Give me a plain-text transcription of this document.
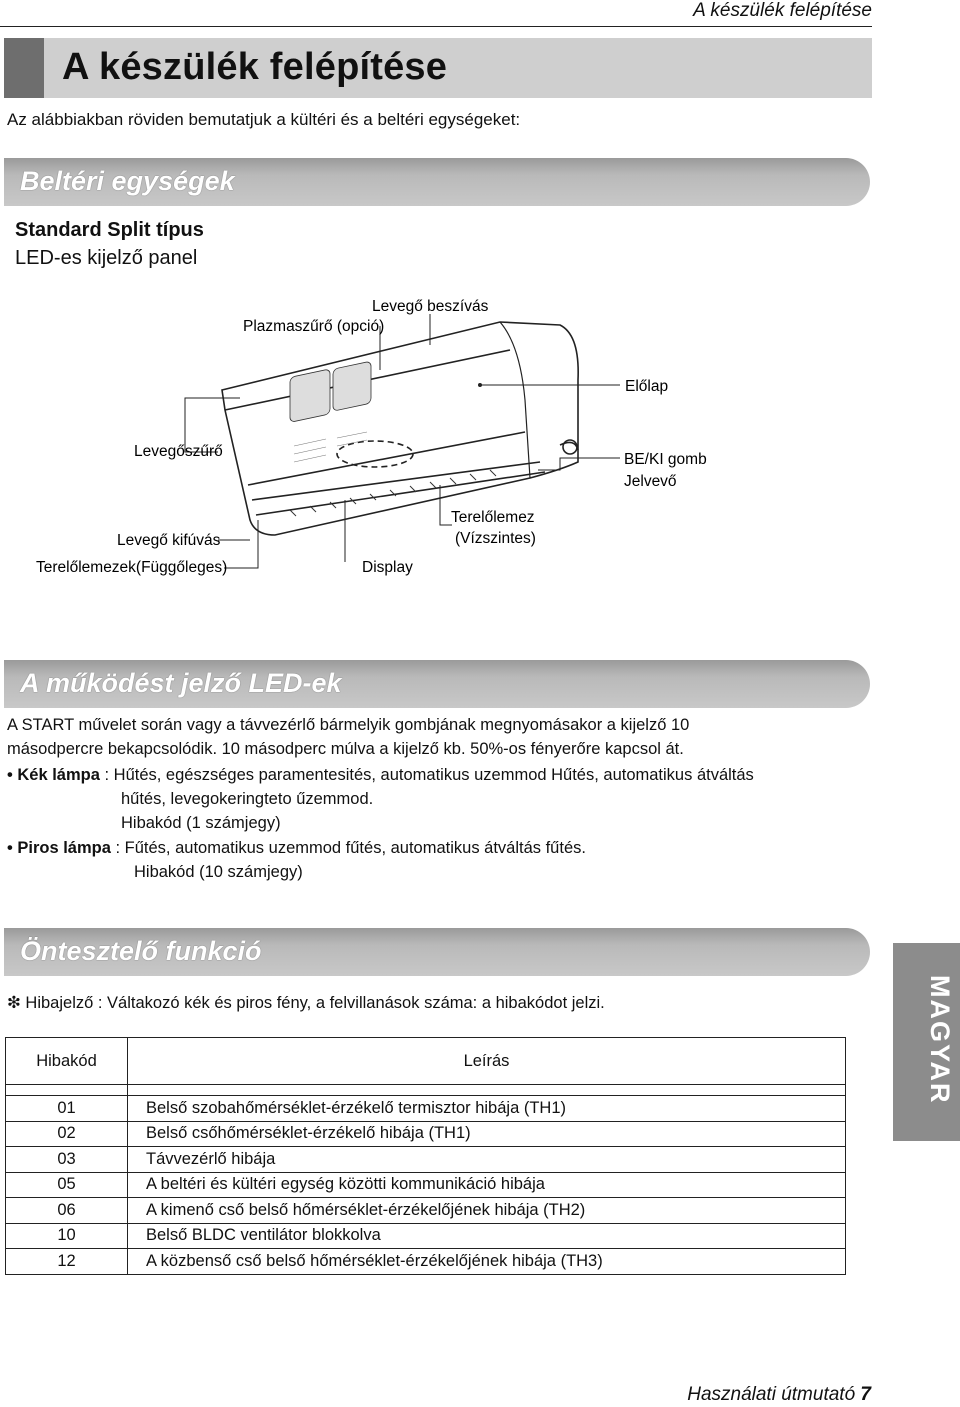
A készülék felépítése
A készülék felépítése
Az alábbiakban röviden bemutatjuk a kültéri és a beltéri egységeket:
Beltéri egységek
Standard Split típus
LED-es kijelző panel
Plazmaszűrő (opció)
Levegő beszívás
Előlap
Levegőszűrő	BE/KI gomb
Jelvevő
Levegő kifúvás
Terelőlemezek(Függőleges)	Display
Terelőlemez
(Vízszintes)
A működést jelző LED-ek
A START művelet során vagy a távvezérlő bármelyik gombjának megnyomásakor a kijelző 10
másodpercre bekapcsolódik. 10 másodperc múlva a kijelző kb. 50%-os fényerőre kapcsol át.
• Kék lámpa : Hűtés, egészséges paramentesités, automatikus uzemmod Hűtés, automatikus átváltás
hűtés, levegokeringteto űzemmod.
Hibakód (1 számjegy)
• Piros lámpa : Fűtés, automatikus uzemmod fűtés, automatikus átváltás fűtés.
Hibakód (10 számjegy)
Öntesztelő funkció
MAGYAR
❇ Hibajelző : Váltakozó kék és piros fény, a felvillanások száma: a hibakódot jelzi.
Hibakód	Leírás

01	Belső szobahőmérséklet-érzékelő termisztor hibája (TH1)
02	Belső csőhőmérséklet-érzékelő hibája (TH1)
03	Távvezérlő hibája
05	A beltéri és kültéri egység közötti kommunikáció hibája
06	A kimenő cső belső hőmérséklet-érzékelőjének hibája (TH2)
10	Belső BLDC ventilátor blokkolva
12	A közbenső cső belső hőmérséklet-érzékelőjének hibája (TH3)
Használati útmutató 7
